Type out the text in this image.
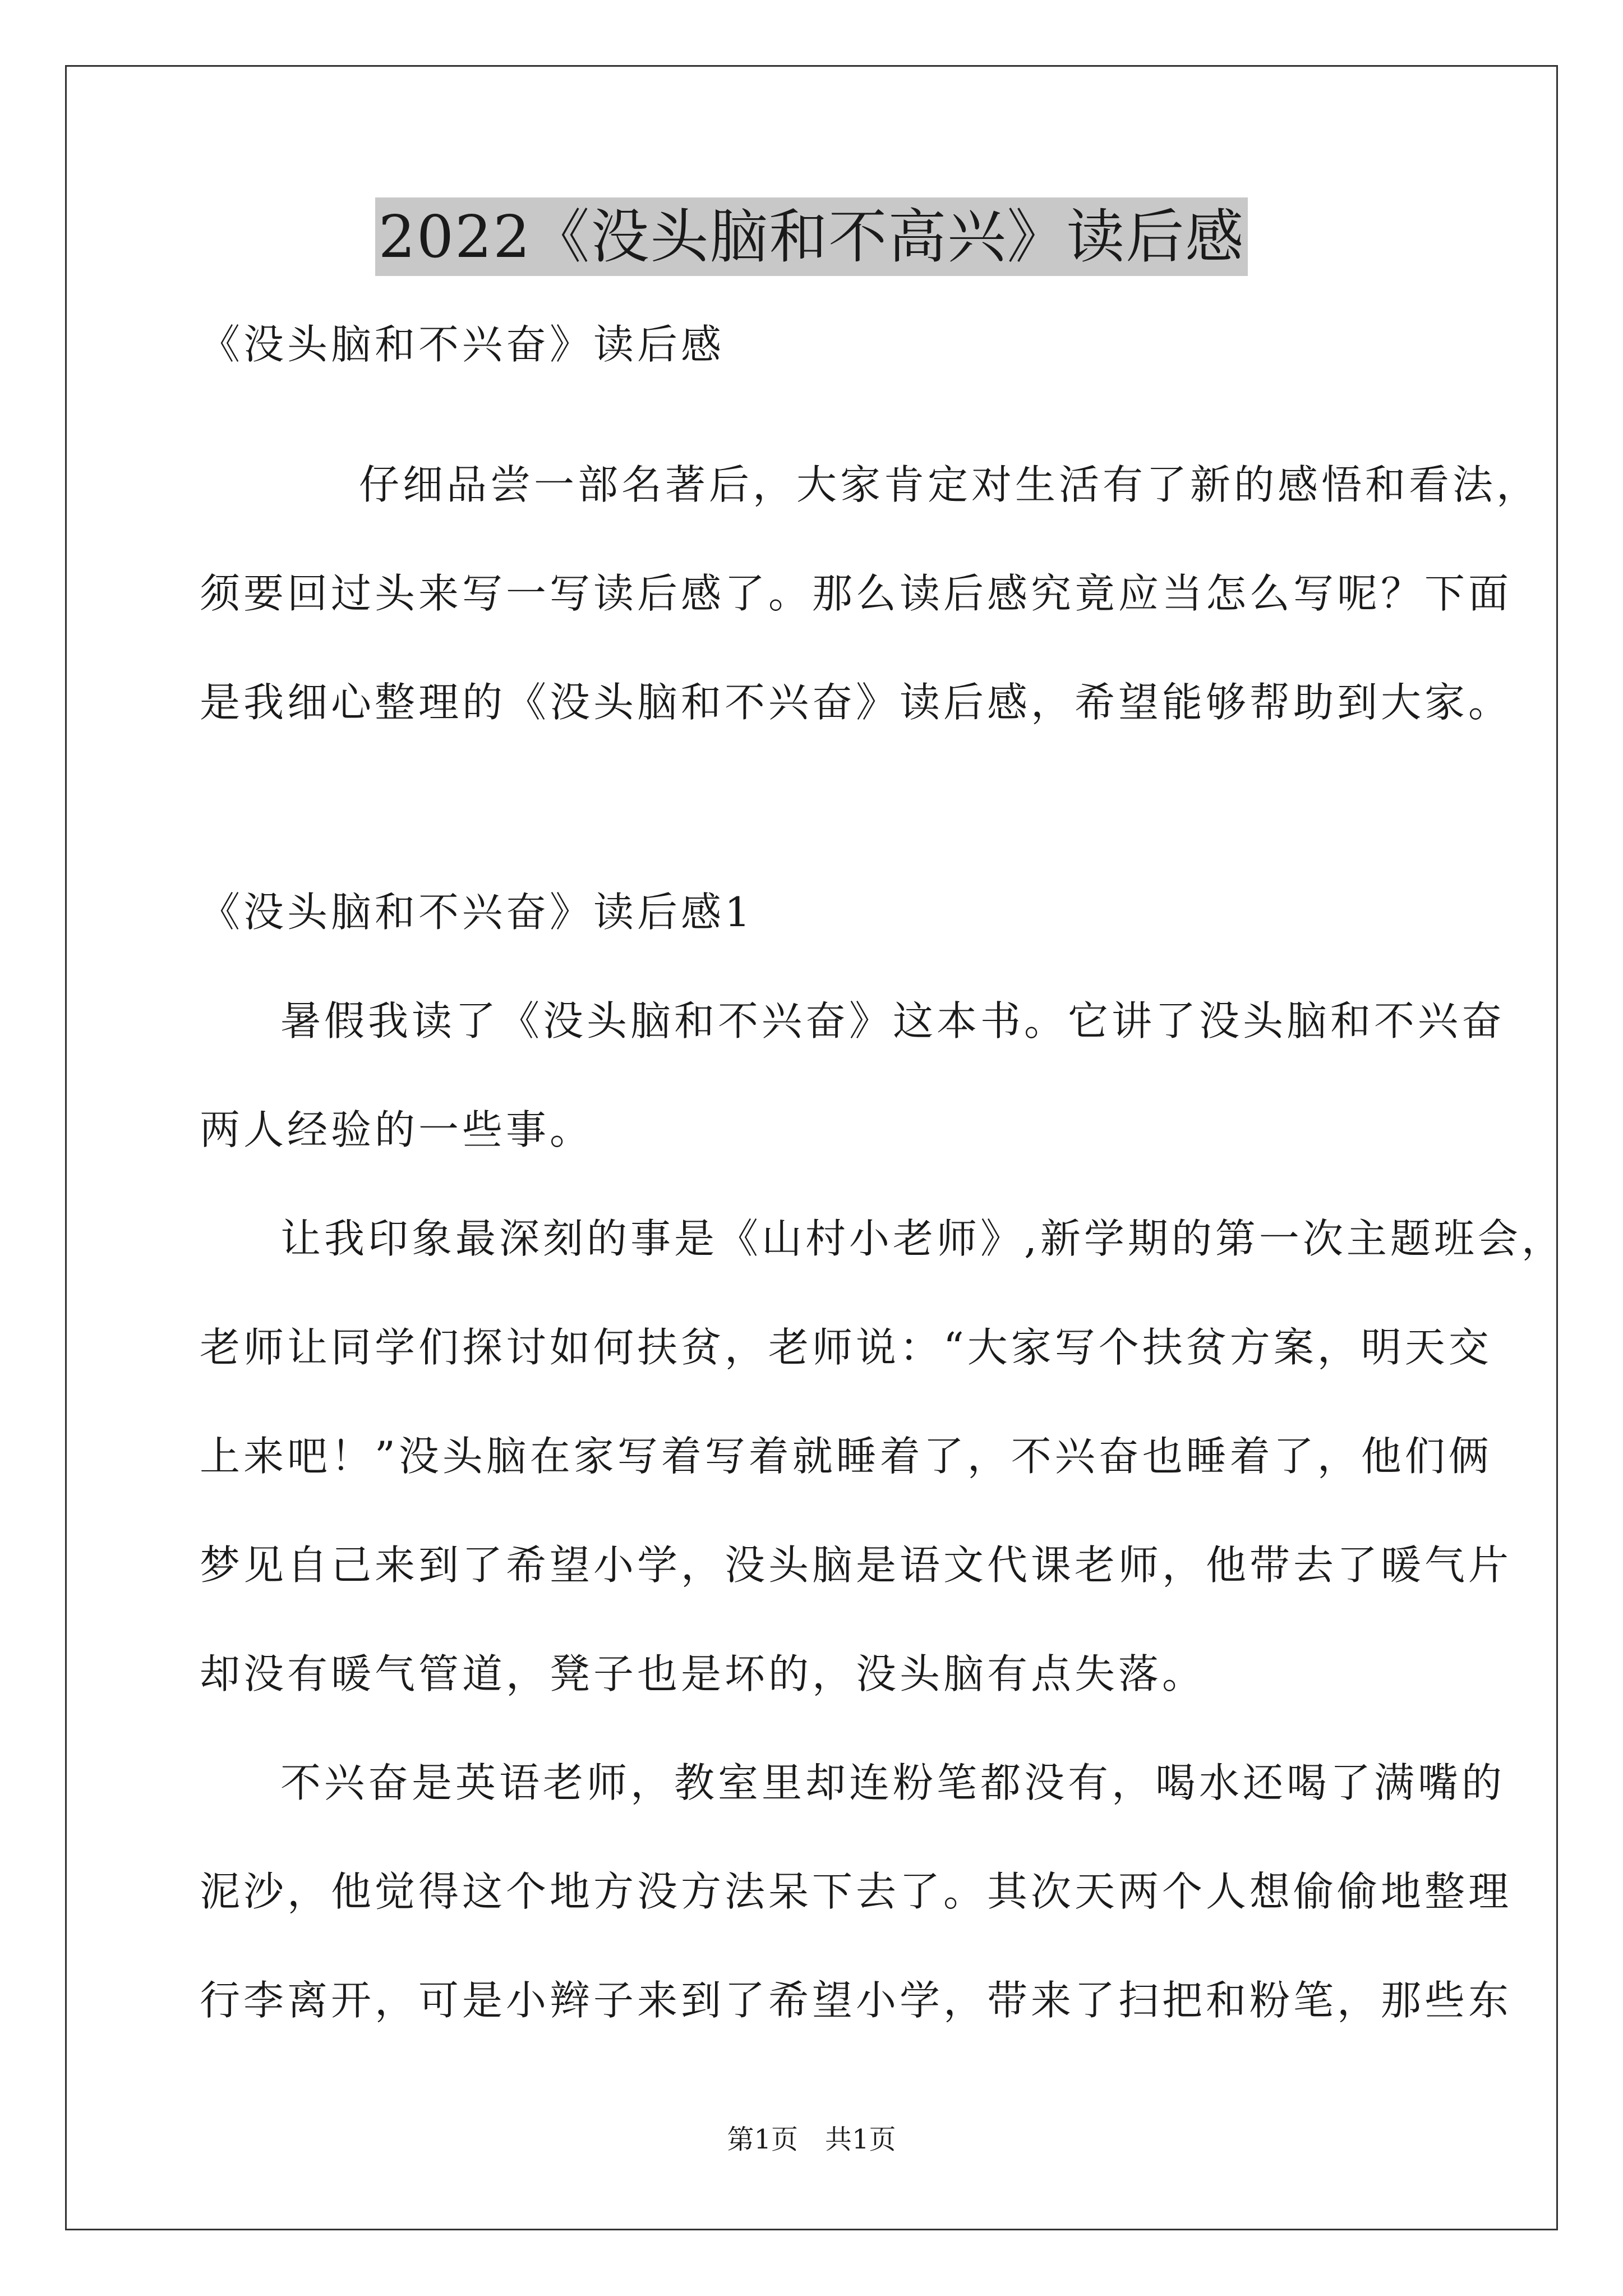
2022《没头脑和不高兴》读后感
《没头脑和不兴奋》读后感
仔细品尝一部名著后，大家肯定对生活有了新的感悟和看法，
须要回过头来写一写读后感了。那么读后感究竟应当怎么写呢？下面
是我细心整理的《没头脑和不兴奋》读后感，希望能够帮助到大家。
《没头脑和不兴奋》读后感1
暑假我读了《没头脑和不兴奋》这本书。它讲了没头脑和不兴奋
两人经验的一些事。
让我印象最深刻的事是《山村小老师》,新学期的第一次主题班会，
老师让同学们探讨如何扶贫，老师说：“大家写个扶贫方案，明天交
上来吧！”没头脑在家写着写着就睡着了，不兴奋也睡着了，他们俩
梦见自己来到了希望小学，没头脑是语文代课老师，他带去了暖气片
却没有暖气管道，凳子也是坏的，没头脑有点失落。
不兴奋是英语老师，教室里却连粉笔都没有，喝水还喝了满嘴的
泥沙，他觉得这个地方没方法呆下去了。其次天两个人想偷偷地整理
行李离开，可是小辫子来到了希望小学，带来了扫把和粉笔，那些东
第1页　共1页
